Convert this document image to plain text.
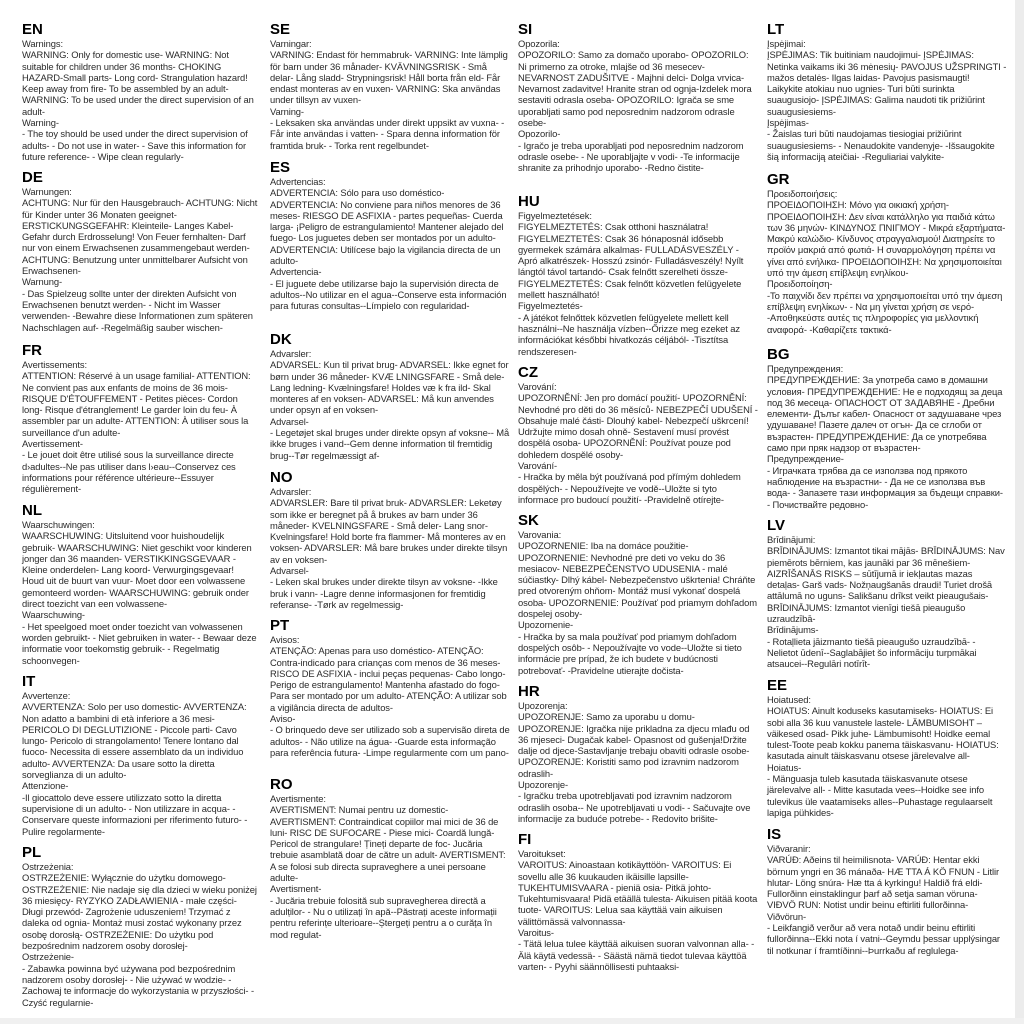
EN

Warnings:

WARNING: Only for domestic use- WARNING: Not suitable for children under 36 months- CHOKING HAZARD-Small parts- Long cord- Strangulation hazard! Keep away from fire- To be assembled by an adult- WARNING: To be used under the direct supervision of an adult-

Warning-

- The toy should be used under the direct supervision of adults- - Do not use in water- - Save this information for future reference- - Wipe clean regularly-

DE

Warnungen:

ACHTUNG: Nur für den Hausgebrauch- ACHTUNG: Nicht für Kinder unter 36 Monaten geeignet- ERSTICKUNGSGEFAHR: Kleinteile- Langes Kabel- Gefahr durch Erdrosselung! Von Feuer fernhalten- Darf nur von einem Erwachsenen zusammengebaut werden- ACHTUNG: Benutzung unter unmittelbarer Aufsicht von Erwachsenen-

Warnung-

- Das Spielzeug sollte unter der direkten Aufsicht von Erwachsenen benutzt werden- - Nicht im Wasser verwenden- -Bewahre diese Informationen zum späteren Nachschlagen auf- -Regelmäßig sauber wischen-

FR

Avertissements:

ATTENTION: Réservé à un usage familial- ATTENTION: Ne convient pas aux enfants de moins de 36 mois- RISQUE D'ÉTOUFFEMENT - Petites pièces- Cordon long- Risque d'étranglement! Le garder loin du feu- À assembler par un adulte- ATTENTION: À utiliser sous la surveillance d'un adulte-

Avertissement-

- Le jouet doit être utilisé sous la surveillance directe d›adultes--Ne pas utiliser dans l›eau--Conservez ces informations pour référence ultérieure--Essuyer régulièrement-

NL

Waarschuwingen:

WAARSCHUWING: Uitsluitend voor huishoudelijk gebruik- WAARSCHUWING: Niet geschikt voor kinderen jonger dan 36 maanden- VERSTIKKINGSGEVAAR - Kleine onderdelen- Lang koord- Verwurgingsgevaar! Houd uit de buurt van vuur- Moet door een volwassene gemonteerd worden- WAARSCHUWING: gebruik onder direct toezicht van een volwassene-

Waarschuwing-

- Het speelgoed moet onder toezicht van volwassenen worden gebruikt- - Niet gebruiken in water- - Bewaar deze informatie voor toekomstig gebruik- - Regelmatig schoonvegen-

IT

Avvertenze:

AVVERTENZA: Solo per uso domestic- AVVERTENZA: Non adatto a bambini di età inferiore a 36 mesi- PERICOLO DI DEGLUTIZIONE - Piccole parti- Cavo lungo- Pericolo di strangolamento! Tenere lontano dal fuoco- Necessita di essere assemblato da un individuo adulto- AVVERTENZA: Da usare sotto la diretta sorveglianza di un adulto-

Attenzione-

-Il giocattolo deve essere utilizzato sotto la diretta supervisione di un adulto- - Non utilizzare in acqua- -Conservare queste informazioni per riferimento futuro- -Pulire regolarmente-

PL

Ostrzeżenia:

OSTRZEŻENIE: Wyłącznie do użytku domowego- OSTRZEŻENIE: Nie nadaje się dla dzieci w wieku poniżej 36 miesięcy- RYZYKO ZADŁAWIENIA - małe części- Długi przewód- Zagrożenie uduszeniem! Trzymać z daleka od ognia- Montaż musi zostać wykonany przez osobę dorosłą- OSTRZEŻENIE: Do użytku pod bezpośrednim nadzorem osoby dorosłej-

Ostrzeżenie-

- Zabawka powinna być używana pod bezpośrednim nadzorem osoby dorosłej- - Nie używać w wodzie- - Zachowaj te informacje do wykorzystania w przyszłości- - Czyść regularnie-

SE

Varningar:

VARNING: Endast för hemmabruk- VARNING: Inte lämplig för barn under 36 månader- KVÄVNINGSRISK - Små delar- Lång sladd- Strypningsrisk! Håll borta från eld- Får endast monteras av en vuxen- VARNING: Ska användas under tillsyn av vuxen-

Varning-

- Leksaken ska användas under direkt uppsikt av vuxna- - Får inte användas i vatten- - Spara denna information för framtida bruk- - Torka rent regelbundet-

ES

Advertencias:

ADVERTENCIA: Sólo para uso doméstico- ADVERTENCIA: No conviene para niños menores de 36 meses- RIESGO DE ASFIXIA - partes pequeñas- Cuerda larga- ¡Peligro de estrangulamiento! Mantener alejado del fuego- Los juguetes deben ser montados por un adulto- ADVERTENCIA: Utilícese bajo la vigilancia directa de un adulto-

Advertencia-

- El juguete debe utilizarse bajo la supervisión directa de adultos--No utilizar en el agua--Conserve esta información para futuras consultas--Límpielo con regularidad-

DK

Advarsler:

ADVARSEL: Kun til privat brug- ADVARSEL: Ikke egnet for børn under 36 måneder- KVÆ LNINGSFARE - Små dele- Lang ledning- Kvælningsfare! Holdes væ k fra ild- Skal monteres af en voksen- ADVARSEL: Må kun anvendes under opsyn af en voksen-

Advarsel-

- Legetøjet skal bruges under direkte opsyn af voksne-- Må ikke bruges i vand--Gem denne information til fremtidig brug--Tør regelmæssigt af-

NO

Advarsler:

ADVARSLER: Bare til privat bruk- ADVARSLER: Leketøy som ikke er beregnet på å brukes av barn under 36 måneder- KVELNINGSFARE - Små deler- Lang snor- Kvelningsfare! Hold borte fra flammer- Må monteres av en voksen- ADVARSLER: Må bare brukes under direkte tilsyn av en voksen-

Advarsel-

- Leken skal brukes under direkte tilsyn av voksne- -Ikke bruk i vann- -Lagre denne informasjonen for fremtidig referanse- -Tørk av regelmessig-

PT

Avisos:

ATENÇÃO: Apenas para uso doméstico- ATENÇÃO: Contra-indicado para crianças com menos de 36 meses- RISCO DE ASFIXIA - inclui peças pequenas- Cabo longo- Perigo de estrangulamento! Mantenha afastado do fogo- Para ser montado por um adulto- ATENÇÃO: A utilizar sob a vigilância directa de adultos-

Aviso-

- O brinquedo deve ser utilizado sob a supervisão direta de adultos- - Não utilize na água- -Guarde esta informação para referência futura- -Limpe regularmente com um pano-

RO

Avertismente:

AVERTISMENT: Numai pentru uz domestic- AVERTISMENT: Contraindicat copiilor mai mici de 36 de luni- RISC DE SUFOCARE - Piese mici- Coardă lungă- Pericol de strangulare! Țineți departe de foc- Jucăria trebuie asamblată doar de către un adult- AVERTISMENT: A se folosi sub directa supraveghere a unei persoane adulte-

Avertisment-

- Jucăria trebuie folosită sub supravegherea directă a adulților- - Nu o utilizați în apă--Păstrați aceste informații pentru referințe ulterioare--Ștergeți pentru a o curăța în mod regulat-

SI

Opozorila:

OPOZORILO: Samo za domačo uporabo- OPOZORILO: Ni primerno za otroke, mlajše od 36 mesecev- NEVARNOST ZADUŠITVE - Majhni delci- Dolga vrvica- Nevarnost zadavitve! Hranite stran od ognja-Izdelek mora sestaviti odrasla oseba- OPOZORILO: Igrača se sme uporabljati samo pod neposrednim nadzorom odrasle osebe-

Opozorilo-

- Igračo je treba uporabljati pod neposrednim nadzorom odrasle osebe- - Ne uporabljajte v vodi- -Te informacije shranite za prihodnjo uporabo- -Redno čistite-

HU

Figyelmeztetések:

FIGYELMEZTETÉS: Csak otthoni használatra! FIGYELMEZTETÉS: Csak 36 hónaposnál idősebb gyermekek számára alkalmas- FULLADÁSVESZÉLY - Apró alkatrészek- Hosszú zsinór- Fulladásveszély! Nyílt lángtól távol tartandó- Csak felnőtt szerelheti össze- FIGYELMEZTETÉS: Csak felnőtt közvetlen felügyelete mellett használható!

Figyelmeztetés-

- A játékot felnőttek közvetlen felügyelete mellett kell használni--Ne használja vízben--Őrizze meg ezeket az információkat későbbi hivatkozás céljából- -Tisztítsa rendszeresen-

CZ

Varování:

UPOZORNĚNÍ: Jen pro domácí použití- UPOZORNĚNÍ: Nevhodné pro děti do 36 měsíců- NEBEZPEČÍ UDUŠENÍ - Obsahuje malé části- Dlouhý kabel- Nebezpečí uškrcení! Udržujte mimo dosah ohně- Sestavení musí provést dospělá osoba- UPOZORNĚNÍ: Používat pouze pod dohledem dospělé osoby-

Varování-

- Hračka by měla být používaná pod přímým dohledem dospělých- - Nepoužívejte ve vodě--Uložte si tyto informace pro budoucí použití- -Pravidelně otírejte-

SK

Varovania:

UPOZORNENIE: Iba na domáce použitie- UPOZORNENIE: Nevhodné pre deti vo veku do 36 mesiacov- NEBEZPEČENSTVO UDUSENIA - malé súčiastky- Dlhý kábel- Nebezpečenstvo uškrtenia! Chráňte pred otvoreným ohňom- Montáž musí vykonať dospelá osoba- UPOZORNENIE: Používať pod priamym dohľadom dospelej osoby-

Upozornenie-

- Hračka by sa mala používať pod priamym dohľadom dospelých osôb- - Nepoužívajte vo vode--Uložte si tieto informácie pre prípad, že ich budete v budúcnosti potrebovať- -Pravidelne utierajte dočista-

HR

Upozorenja:

UPOZORENJE: Samo za uporabu u domu-UPOZORENJE: Igračka nije prikladna za djecu mlađu od 36 mjeseci- Dugačak kabel- Opasnost od gušenja!Držite dalje od djece-Sastavljanje trebaju obaviti odrasle osobe- UPOZORENJE: Koristiti samo pod izravnim nadzorom odraslih-

Upozorenje-

- Igračku treba upotrebljavati pod izravnim nadzorom odraslih osoba-- Ne upotrebljavati u vodi- - Sačuvajte ove informacije za buduće potrebe- - Redovito brišite-

FI

Varoitukset:

VAROITUS: Ainoastaan kotikäyttöön- VAROITUS: Ei sovellu alle 36 kuukauden ikäisille lapsille- TUKEHTUMISVAARA - pieniä osia- Pitkä johto- Tukehtumisvaara! Pidä etäällä tulesta- Aikuisen pitää koota tuote- VAROITUS: Lelua saa käyttää vain aikuisen välittömässä valvonnassa-

Varoitus-

- Tätä lelua tulee käyttää aikuisen suoran valvonnan alla- - Älä käytä vedessä- - Säästä nämä tiedot tulevaa käyttöä varten- - Pyyhi säännöllisesti puhtaaksi-

LT

Įspėjimai:

ĮSPĖJIMAS: Tik buitiniam naudojimui- ĮSPĖJIMAS: Netinka vaikams iki 36 mėnesių- PAVOJUS UŽSPRINGTI - mažos detalės- Ilgas laidas- Pavojus pasismaugti! Laikykite atokiau nuo ugnies- Turi būti surinkta suaugusiojo- ĮSPĖJIMAS: Galima naudoti tik prižiūrint suaugusiesiems-

Įspėjimas-

- Žaislas turi būti naudojamas tiesiogiai prižiūrint suaugusiesiems- - Nenaudokite vandenyje- -Išsaugokite šią informaciją ateičiai- -Reguliariai valykite-

GR

Προειδοποιήσεις:

ΠΡΟΕΙΔΟΠΟΙΗΣΗ: Μόνο για οικιακή χρήση- ΠΡΟΕΙΔΟΠΟΙΗΣΗ: Δεν είναι κατάλληλο για παιδιά κάτω των 36 μηνών- ΚΙΝΔΥΝΟΣ ΠΝΙΓΜΟΥ - Μικρά εξαρτήματα- Μακρύ καλώδιο- Κίνδυνος στραγγαλισμού! Διατηρείτε το προϊόν μακριά από φωτιά- Η συναρμολόγηση πρέπει να γίνει από ενήλικα- ΠΡΟΕΙΔΟΠΟΙΗΣΗ: Να χρησιμοποιείται υπό την άμεση επίβλεψη ενηλίκου-

Προειδοποίηση-

-Το παιχνίδι δεν πρέπει να χρησιμοποιείται υπό την άμεση επίβλεψη ενηλίκων- - Να μη γίνεται χρήση σε νερό- -Αποθηκεύστε αυτές τις πληροφορίες για μελλοντική αναφορά- -Καθαρίζετε τακτικά-

BG

Предупреждения:

ПРЕДУПРЕЖДЕНИЕ: За употреба само в домашни условия- ПРЕДУПРЕЖДЕНИЕ: Не е подходящ за деца под 36 месеца- ОПАСНОСТ ОТ ЗАДАВЯНЕ - Дребни елементи- Дълъг кабел- Опасност от задушаване чрез удушаване! Пазете далеч от огън- Да се сглоби от възрастен- ПРЕДУПРЕЖДЕНИЕ: Да се употребява само при пряк надзор от възрастен-

Предупреждение-

- Играчката трябва да се използва под прякото наблюдение на възрастни- - Да не се използва във вода- - Запазете тази информация за бъдещи справки- - Почиствайте редовно-

LV

Brīdinājumi:

BRĪDINĀJUMS: Izmantot tikai mājās- BRĪDINĀJUMS: Nav piemērots bērniem, kas jaunāki par 36 mēnešiem- AIZRĪŠANĀS RISKS – sūtījumā ir iekļautas mazas detaļas- Garš vads- Nožņaugšanās draudi! Turiet drošā attālumā no uguns- Salikšanu drīkst veikt pieaugušais- BRĪDINĀJUMS: Izmantot vienīgi tiešā pieaugušo uzraudzībā-

Brīdinājums-

- Rotaļlieta jāizmanto tiešā pieaugušo uzraudzībā- - Nelietot ūdenī--Saglabājiet šo informāciju turpmākai atsaucei--Regulāri notīrīt-

EE

Hoiatused:

HOIATUS: Ainult koduseks kasutamiseks- HOIATUS: Ei sobi alla 36 kuu vanustele lastele- LÄMBUMISOHT – väikesed osad- Pikk juhe- Lämbumisoht! Hoidke eemal tulest-Toote peab kokku panema täiskasvanu- HOIATUS: kasutada ainult täiskasvanu otsese järelevalve all-

Hoiatus-

- Mänguasja tuleb kasutada täiskasvanute otsese järelevalve all- - Mitte kasutada vees--Hoidke see info tulevikus üle vaatamiseks alles--Puhastage regulaarselt lapiga pühkides-

IS

Viðvaranir:

VARÚÐ: Aðeins til heimilisnota- VARÚÐ: Hentar ekki börnum yngri en 36 mánaða- HÆ TTA Á KÖ FNUN - Litlir hlutar- Löng snúra- Hæ tta á kyrkingu! Haldið frá eldi- Fullorðinn einstaklingur þarf að setja saman vöruna- VIÐVÖ RUN: Notist undir beinu eftirliti fullorðinna-

Viðvörun-

- Leikfangið verður að vera notað undir beinu eftirliti fullorðinna--Ekki nota í vatni--Geymdu þessar upplýsingar til notkunar í framtíðinni--Þurrkaðu af reglulega-
